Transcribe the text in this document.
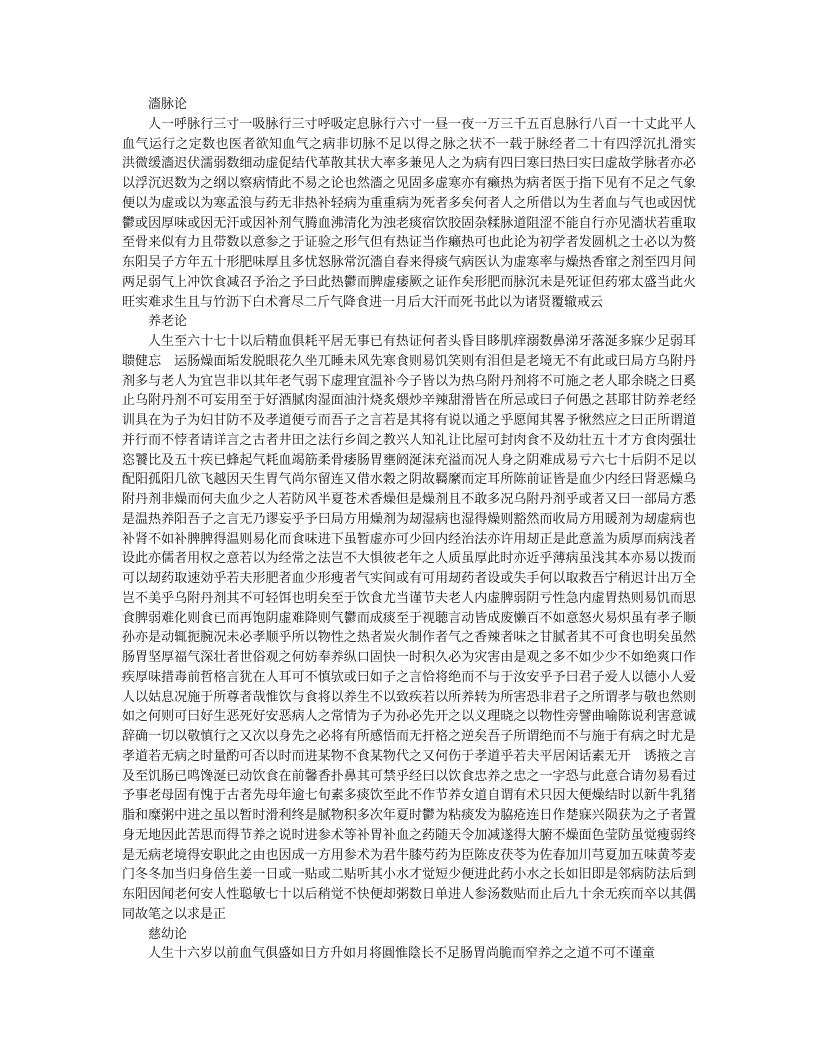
濇脉论

人一呼脉行三寸一吸脉行三寸呼吸定息脉行六寸一昼一夜一万三千五百息脉行八百一十丈此平人血气运行之定数也医者欲知血气之病非切脉不足以得之脉之状不一载于脉经者二十有四浮沉扎滑实　　洪微缓濇迟伏濡弱数细动虚促结代革散其状大率多兼见人之为病有四曰寒曰热曰实曰虚故学脉者亦必以浮沉迟数为之纲以察病情此不易之论也然濇之见固多虚寒亦有癞热为病者医于指下见有不足之气象便以为虚或以为寒孟浪与药无非热补轻病为重重病为死者多矣何者人之所借以为生者血与气也或因忧鬱或因厚味或因无汗或因补剂气腾血沸清化为浊老痰宿饮胶固杂糅脉道阻涩不能自行亦见濇状若重取至骨来似有力且带数以意参之于证验之形气但有热证当作癞热可也此论为初学者发圆机之士必以为赘东阳吴子方年五十形肥味厚且多忧怒脉常沉濇自春来得痰气病医认为虚寒率与燥热香窜之剂至四月间两足弱气上冲饮食减召予治之予曰此热鬱而脾虚痿厥之证作矣形肥而脉沉未是死证但药邪太盛当此火旺实难求生且与竹沥下白术膏尽二斤气降食进一月后大汗而死书此以为诸贤覆辙戒云

养老论

人生至六十七十以后精血俱耗平居无事已有热证何者头昏目眵肌痒溺数鼻涕牙落涎多寐少足弱耳聩健忘　运肠燥面垢发脱眼花久坐兀睡未风先寒食则易饥笑则有泪但是老境无不有此或曰局方乌附丹剂多与老人为宜岂非以其年老气弱下虚理宜温补今子皆以为热乌附丹剂将不可施之老人耶余晓之曰奚止乌附丹剂不可妄用至于好酒腻肉湿面油汁烧炙煨炒辛辣甜滑皆在所忌或曰子何愚之甚耶甘防养老经训具在为子为妇甘防不及孝道便亏而吾子之言若是其将有说以通之乎愿闻其畧予愀然应之曰正所谓道并行而不悖者请详言之古者井田之法行乡闾之教兴人知礼让比屋可封肉食不及幼壮五十才方食肉强壮恣饕比及五十疾已蜂起气耗血竭筋柔骨痿肠胃壅阏涎沫充溢而况人身之阴难成易亏六七十后阴不足以配阳孤阳几欲飞越因天生胃气尚尔留连又借水穀之阴故羇縻而定耳所陈前证皆是血少内经曰肾恶燥乌附丹剂非燥而何夫血少之人若防风半夏苍术香燥但是燥剂且不敢多况乌附丹剂乎或者又曰一部局方悉是温热养阳吾子之言无乃谬妄乎予曰局方用燥剂为刼湿病也湿得燥则豁然而收局方用暖剂为刼虚病也补肾不如补脾脾得温则易化而食味进下虽暂虚亦可少回内经治法亦许用刼正是此意盖为质厚而病浅者设此亦儒者用权之意若以为经常之法岂不大惧彼老年之人质虽厚此时亦近乎薄病虽浅其本亦易以拨而可以刼药取速効乎若夫形肥者血少形瘦者气实间或有可用刼药者设或失手何以取救吾宁稍迟计出万全岂不美乎乌附丹剂其不可轻饵也明矣至于饮食尤当谨节夫老人内虚脾弱阴亏性急内虚胃热则易饥而思食脾弱难化则食已而再饱阴虚难降则气鬱而成痰至于视聴言动皆成废懒百不如意怒火易炽虽有孝子顺孙亦是动辄扼腕况未必孝顺乎所以物性之热者炭火制作者气之香辣者味之甘腻者其不可食也明矣虽然肠胃坚厚福气深壮者世俗观之何妨奉养纵口固快一时积久必为灾害由是观之多不如少少不如绝爽口作疾厚味措毒前哲格言犹在人耳可不慎欤或曰如子之言恰将绝而不与于汝安乎予曰君子爱人以德小人爱人以姑息况施于所尊者哉惟饮与食将以养生不以致疾若以所养转为所害恐非君子之所谓孝与敬也然则如之何则可曰好生恶死好安恶病人之常情为子为孙必先开之以义理晓之以物性旁譬曲喻陈说利害意诚辞确一切以敬慎行之又次以身先之必将有所感悟而无扞格之逆矣吾子所谓绝而不与施于有病之时尤是孝道若无病之时量酌可否以时而进某物不食某物代之又何伤于孝道乎若夫平居闲话素无开　诱掖之言及至饥肠已鸣馋涎已动饮食在前馨香扑鼻其可禁乎经曰以饮食忠养之忠之一字恐与此意合请勿易看过予事老母固有愧于古者先母年逾七旬素多痰饮至此不作节养女道自谓有术只因大便燥结时以新牛乳猪脂和糜粥中进之虽以暂时滑利终是腻物积多次年夏时鬱为粘痰发为脇疮连日作楚寐兴陨获为之子者置身无地因此苦思而得节养之说时进参术等补胃补血之药随天令加减遂得大腑不燥面色莹防虽觉瘦弱终是无病老境得安职此之由也因成一方用参术为君牛膝芍药为臣陈皮茯苓为佐春加川芎夏加五味黄芩麦门冬冬加当归身倍生姜一日或一贴或二贴听其小水才觉短少便进此药小水之长如旧即是邻病防法后到东阳因闻老何安人性聪敏七十以后稍觉不快便却粥数日单进人参汤数贴而止后九十余无疾而卒以其偶同故笔之以求是正

慈幼论

人生十六岁以前血气俱盛如日方升如月将圓惟陰长不足肠胃尚脆而窄养之之道不可不谨童
